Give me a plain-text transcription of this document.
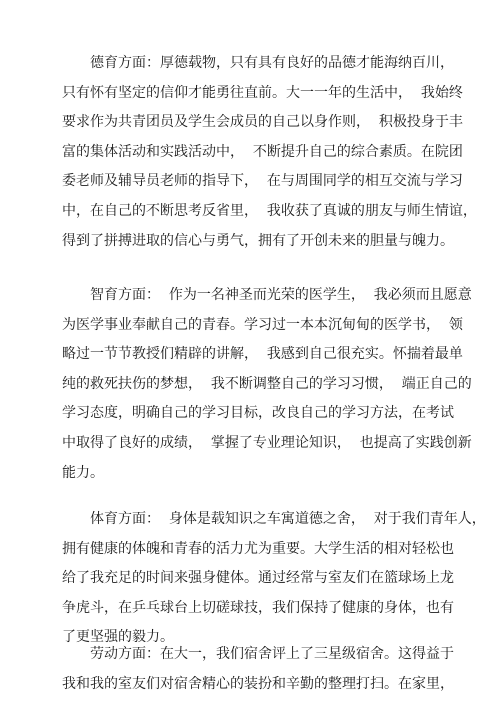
德育方面：厚德载物，只有具有良好的品德才能海纳百川，
只有怀有坚定的信仰才能勇往直前。大一一年的生活中，  我始终
要求作为共青团员及学生会成员的自己以身作则，  积极投身于丰
富的集体活动和实践活动中，  不断提升自己的综合素质。在院团
委老师及辅导员老师的指导下，  在与周围同学的相互交流与学习
中，在自己的不断思考反省里，  我收获了真诚的朋友与师生情谊，
得到了拼搏进取的信心与勇气，拥有了开创未来的胆量与魄力。
智育方面：  作为一名神圣而光荣的医学生，  我必须而且愿意
为医学事业奉献自己的青春。学习过一本本沉甸甸的医学书，  领
略过一节节教授们精辟的讲解，  我感到自己很充实。怀揣着最单
纯的救死扶伤的梦想，  我不断调整自己的学习习惯，  端正自己的
学习态度，明确自己的学习目标，改良自己的学习方法，在考试
中取得了良好的成绩，  掌握了专业理论知识，  也提高了实践创新
能力。
体育方面：  身体是载知识之车寓道德之舍，  对于我们青年人，
拥有健康的体魄和青春的活力尤为重要。大学生活的相对轻松也
给了我充足的时间来强身健体。通过经常与室友们在篮球场上龙
争虎斗，在乒乓球台上切磋球技，我们保持了健康的身体，也有
了更坚强的毅力。
劳动方面：在大一，我们宿舍评上了三星级宿舍。这得益于
我和我的室友们对宿舍精心的装扮和辛勤的整理打扫。在家里，
